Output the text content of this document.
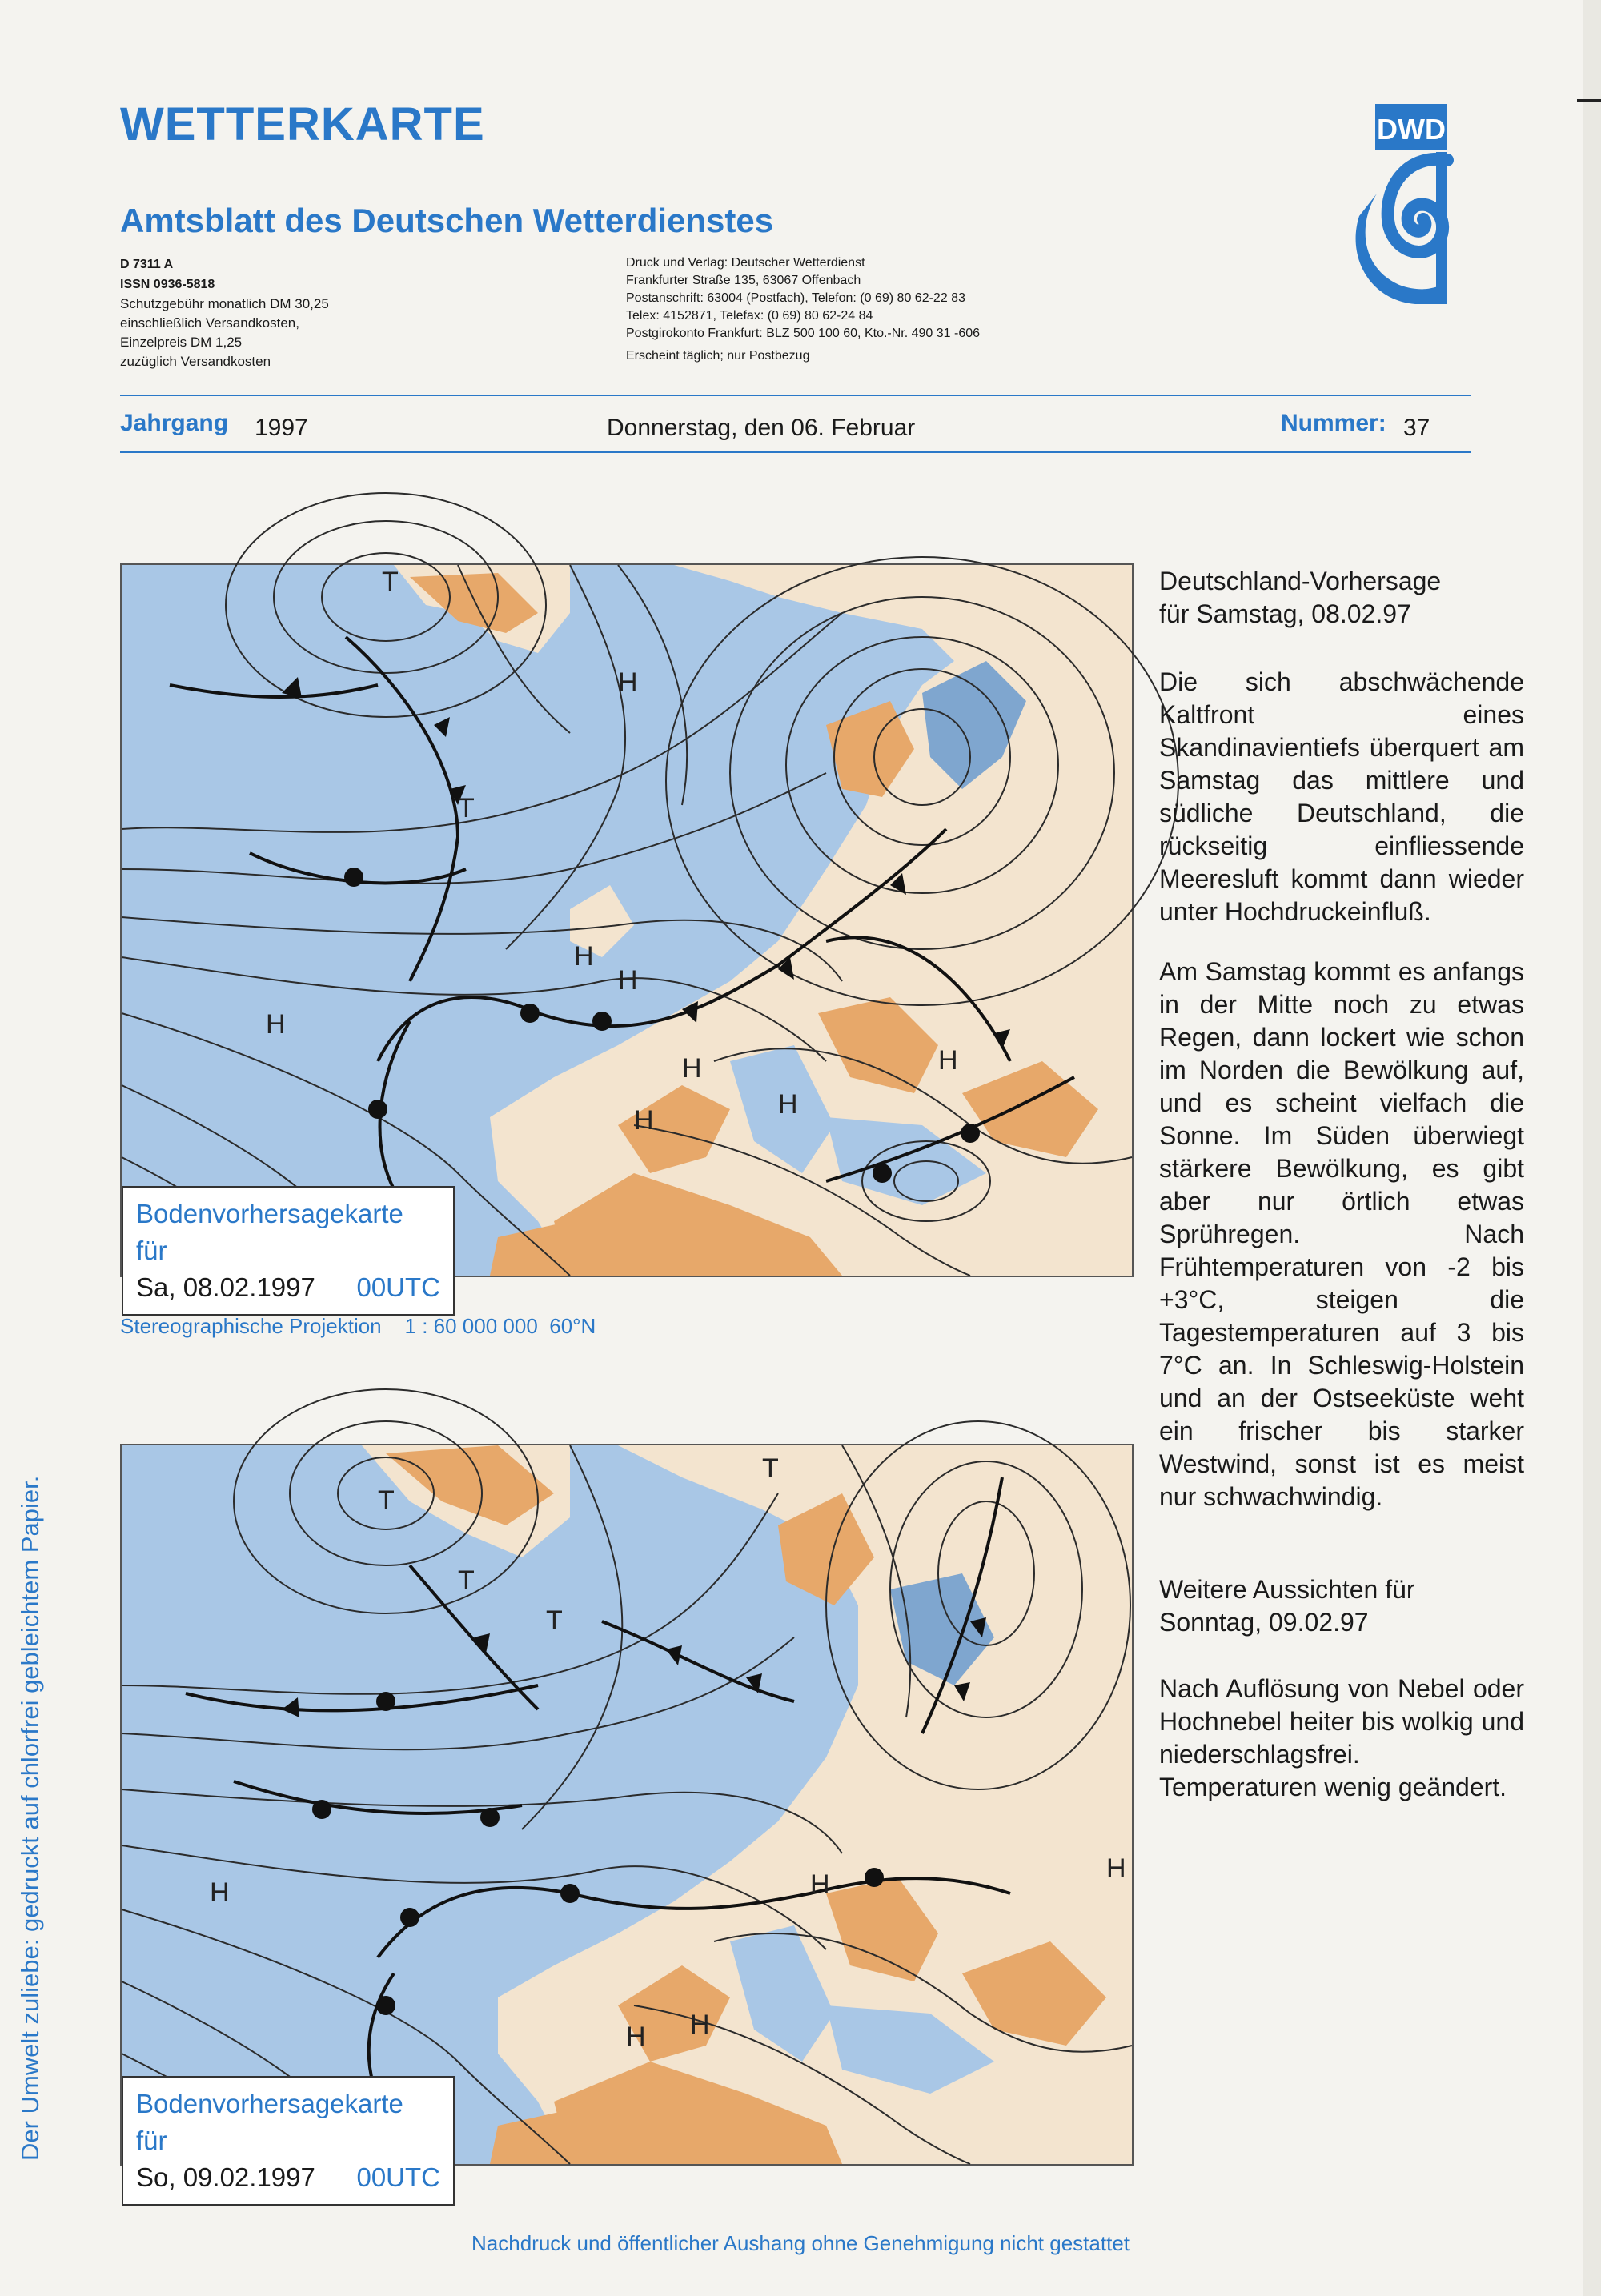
WETTERKARTE
Amtsblatt des Deutschen Wetterdienstes
D 7311 A
ISSN 0936-5818
Schutzgebühr monatlich DM 30,25
einschließlich Versandkosten,
Einzelpreis DM 1,25
zuzüglich Versandkosten
Druck und Verlag: Deutscher Wetterdienst
Frankfurter Straße 135, 63067 Offenbach
Postanschrift: 63004 (Postfach), Telefon: (0 69) 80 62-22 83
Telex: 4152871, Telefax: (0 69) 80 62-24 84
Postgirokonto Frankfurt: BLZ 500 100 60, Kto.-Nr. 490 31 -606
Erscheint täglich; nur Postbezug
DWD
Jahrgang 1997	Donnerstag, den 06. Februar	Nummer: 37
H
H
H
H	H
H
H
T
T
H
Bodenvorhersagekarte für
Sa, 08.02.1997 00UTC
Stereographische Projektion    1 : 60 000 000  60°N
H
H H
H
H
T
T
T
T
Bodenvorhersagekarte für
So, 09.02.1997 00UTC
Deutschland-Vorhersage
für Samstag, 08.02.97
Die sich abschwächende Kaltfront eines Skandinavientiefs überquert am Samstag das mittlere und südliche Deutschland, die rückseitig einfliessende Meeresluft kommt dann wieder unter Hochdruckeinfluß.
Am Samstag kommt es anfangs in der Mitte noch zu etwas Regen, dann lockert wie schon im Norden die Bewölkung auf, und es scheint vielfach die Sonne. Im Süden überwiegt stärkere Bewölkung, es gibt aber nur örtlich etwas Sprühregen. Nach Frühtemperaturen von -2 bis +3°C, steigen die Tagestemperaturen auf 3 bis 7°C an. In Schleswig-Holstein und an der Ostseeküste weht ein frischer bis starker Westwind, sonst ist es meist nur schwachwindig.
Weitere Aussichten für
Sonntag, 09.02.97
Nach Auflösung von Nebel oder Hochnebel heiter bis wolkig und niederschlagsfrei. Temperaturen wenig geändert.
Der Umwelt zuliebe: gedruckt auf chlorfrei gebleichtem Papier.
Nachdruck und öffentlicher Aushang ohne Genehmigung nicht gestattet
